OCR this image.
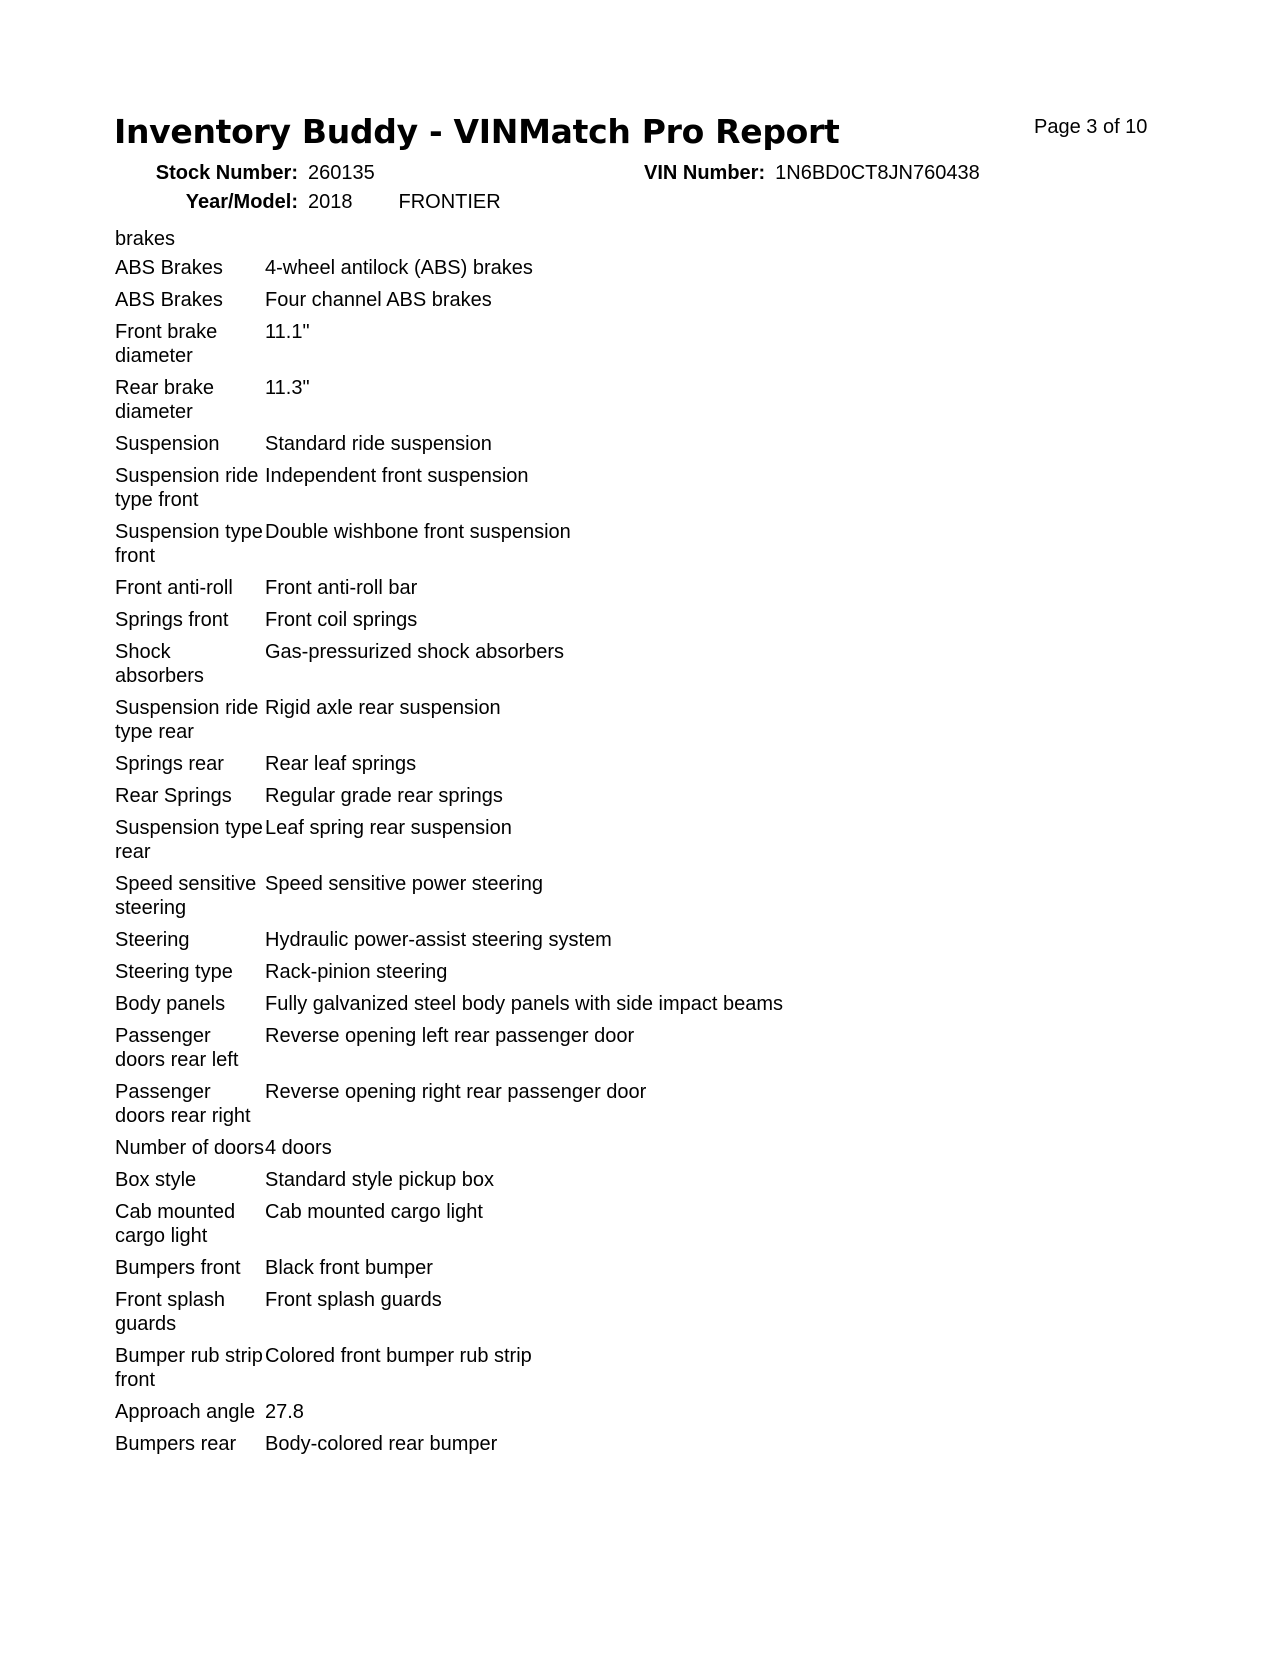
Inventory Buddy - VINMatch Pro Report	Page 3 of 10
Stock Number: 260135	VIN Number: 1N6BD0CT8JN760438
Year/Model: 2018 FRONTIER
brakes
ABS Brakes	4-wheel antilock (ABS) brakes
ABS Brakes	Four channel ABS brakes
Front brake diameter	11.1"
Rear brake diameter	11.3"
Suspension	Standard ride suspension
Suspension ride type front	Independent front suspension
Suspension type front	Double wishbone front suspension
Front anti-roll	Front anti-roll bar
Springs front	Front coil springs
Shock absorbers	Gas-pressurized shock absorbers
Suspension ride type rear	Rigid axle rear suspension
Springs rear	Rear leaf springs
Rear Springs	Regular grade rear springs
Suspension type rear	Leaf spring rear suspension
Speed sensitive steering	Speed sensitive power steering
Steering	Hydraulic power-assist steering system
Steering type	Rack-pinion steering
Body panels	Fully galvanized steel body panels with side impact beams
Passenger doors rear left	Reverse opening left rear passenger door
Passenger doors rear right	Reverse opening right rear passenger door
Number of doors	4 doors
Box style	Standard style pickup box
Cab mounted cargo light	Cab mounted cargo light
Bumpers front	Black front bumper
Front splash guards	Front splash guards
Bumper rub strip front	Colored front bumper rub strip
Approach angle	27.8
Bumpers rear	Body-colored rear bumper
